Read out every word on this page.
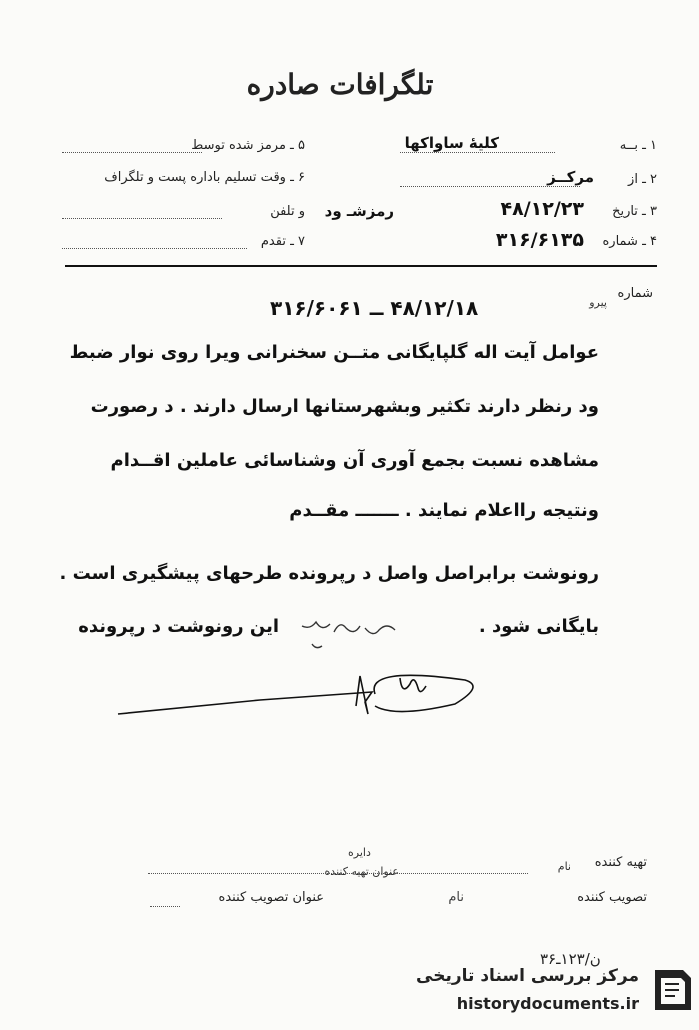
تلگرافات صادره
۱ ـ بــه
کلیهٔ ساواکها
۲ ـ از
مرکــز
۳ ـ تاریخ
۴۸/۱۲/۲۳
۴ ـ شماره
۳۱۶/۶۱۳۵
۵ ـ مرمز شده توسط
۶ ـ وقت تسلیم باداره پست و تلگراف
رمزشـ ود
و تلفن
۷ ـ تقدم
شماره
پیرو
۴۸/۱۲/۱۸ ــ ۳۱۶/۶۰۶۱
عوامل آیت اله گلپایگانی متــن سخنرانی ویرا روی نوار ضبط
ود رنظر دارند تکثیر وبشهرستانها ارسال دارند . د رصورت
مشاهده نسبت بجمع آوری آن وشناسائی عاملین اقــدام
ونتیجه رااعلام نمایند . ـــــــ مقــدم
رونوشت برابراصل واصل د رپرونده طرحهای پیشگیری است .
این رونوشت د رپرونده	بایگانی شود .
دایره
تهیه کننده
نام
عنوان تهیه کننده
تصویب کننده
نام
عنوان تصویب کننده
ن/۱۲۳ـ۳۶
مرکز بررسی اسناد تاریخی
historydocuments.ir
